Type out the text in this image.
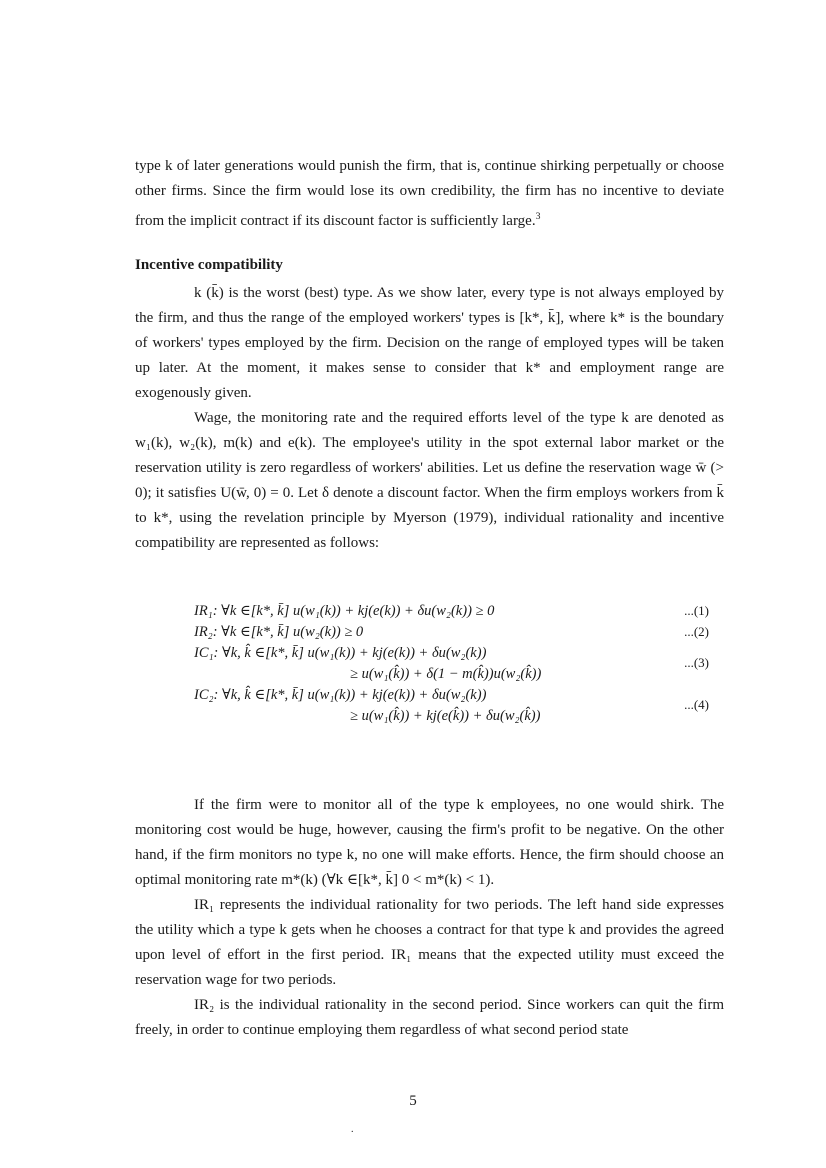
type k of later generations would punish the firm, that is, continue shirking perpetually or choose other firms. Since the firm would lose its own credibility, the firm has no incentive to deviate from the implicit contract if its discount factor is sufficiently large.$^3$

Incentive compatibility

k (k̄) is the worst (best) type. As we show later, every type is not always employed by the firm, and thus the range of the employed workers' types is [k*, k̄], where k* is the boundary of workers' types employed by the firm. Decision on the range of employed types will be taken up later. At the moment, it makes sense to consider that k* and employment range are exogenously given.

Wage, the monitoring rate and the required efforts level of the type k are denoted as w₁(k), w₂(k), m(k) and e(k). The employee's utility in the spot external labor market or the reservation utility is zero regardless of workers' abilities. Let us define the reservation wage w̄ (> 0); it satisfies U(w̄, 0) = 0. Let δ denote a discount factor. When the firm employs workers from k̄ to k*, using the revelation principle by Myerson (1979), individual rationality and incentive compatibility are represented as follows:

IR₁: ∀k ∈[k*, k̄] u(w₁(k)) + kj(e(k)) + δu(w₂(k)) ≥ 0	...(1)
IR₂: ∀k ∈[k*, k̄] u(w₂(k)) ≥ 0	...(2)
IC₁: ∀k, k̂ ∈[k*, k̄] u(w₁(k)) + kj(e(k)) + δu(w₂(k))
≥ u(w₁(k̂)) + δ(1 − m(k̂))u(w₂(k̂))
...(3)
IC₂: ∀k, k̂ ∈[k*, k̄] u(w₁(k)) + kj(e(k)) + δu(w₂(k))
≥ u(w₁(k̂)) + kj(e(k̂)) + δu(w₂(k̂))
...(4)

If the firm were to monitor all of the type k employees, no one would shirk. The monitoring cost would be huge, however, causing the firm's profit to be negative. On the other hand, if the firm monitors no type k, no one will make efforts. Hence, the firm should choose an optimal monitoring rate m*(k) (∀k ∈[k*, k̄] 0 < m*(k) < 1).

IR₁ represents the individual rationality for two periods. The left hand side expresses the utility which a type k gets when he chooses a contract for that type k and provides the agreed upon level of effort in the first period. IR₁ means that the expected utility must exceed the reservation wage for two periods.

IR₂ is the individual rationality in the second period. Since workers can quit the firm freely, in order to continue employing them regardless of what second period state

5
.
